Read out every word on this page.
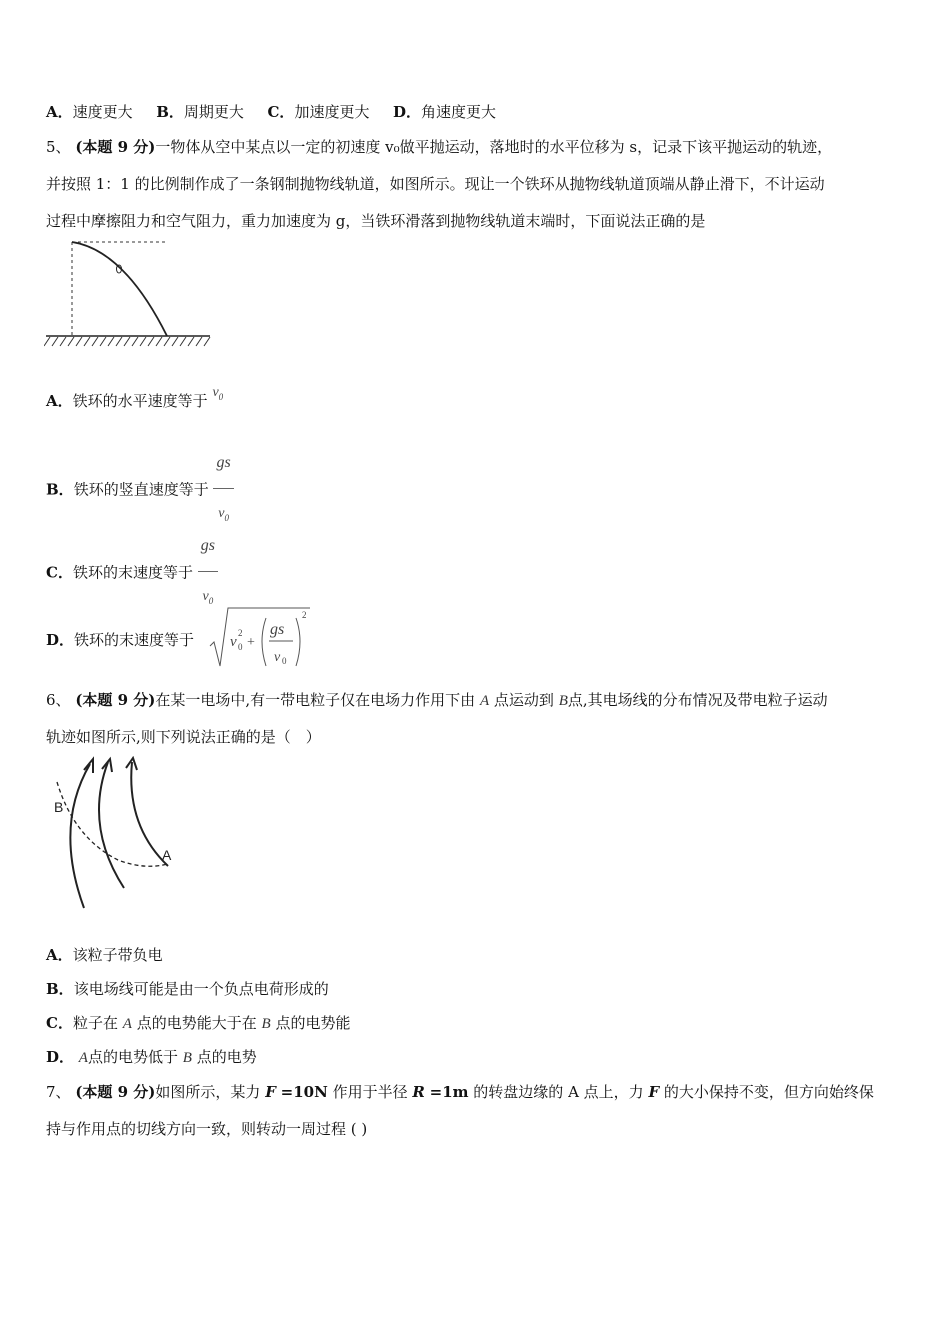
A．速度更大 B．周期更大 C．加速度更大 D．角速度更大
5、 (本题 9 分)一物体从空中某点以一定的初速度 v₀做平抛运动，落地时的水平位移为 s，记录下该平抛运动的轨迹，
并按照 1：1 的比例制作成了一条钢制抛物线轨道，如图所示。现让一个铁环从抛物线轨道顶端从静止滑下，不计运动
过程中摩擦阻力和空气阻力，重力加速度为 g，当铁环滑落到抛物线轨道末端时，下面说法正确的是
A．铁环的水平速度等于 $v_0$
B．铁环的竖直速度等于 $\frac{gs}{v_0}$
C．铁环的末速度等于 $\frac{gs}{v_0}$
D．铁环的末速度等于 v
2
0 +
gs
v 0
2
6、 (本题 9 分)在某一电场中,有一带电粒子仅在电场力作用下由 A 点运动到 B点,其电场线的分布情况及带电粒子运动
轨迹如图所示,则下列说法正确的是（　）
B
A
A．该粒子带负电
B．该电场线可能是由一个负点电荷形成的
C．粒子在 A 点的电势能大于在 B 点的电势能
D． A点的电势低于 B 点的电势
7、 (本题 9 分)如图所示，某力 F =10N 作用于半径 R =1m 的转盘边缘的 A 点上，力 F 的大小保持不变，但方向始终保
持与作用点的切线方向一致，则转动一周过程 ( )
